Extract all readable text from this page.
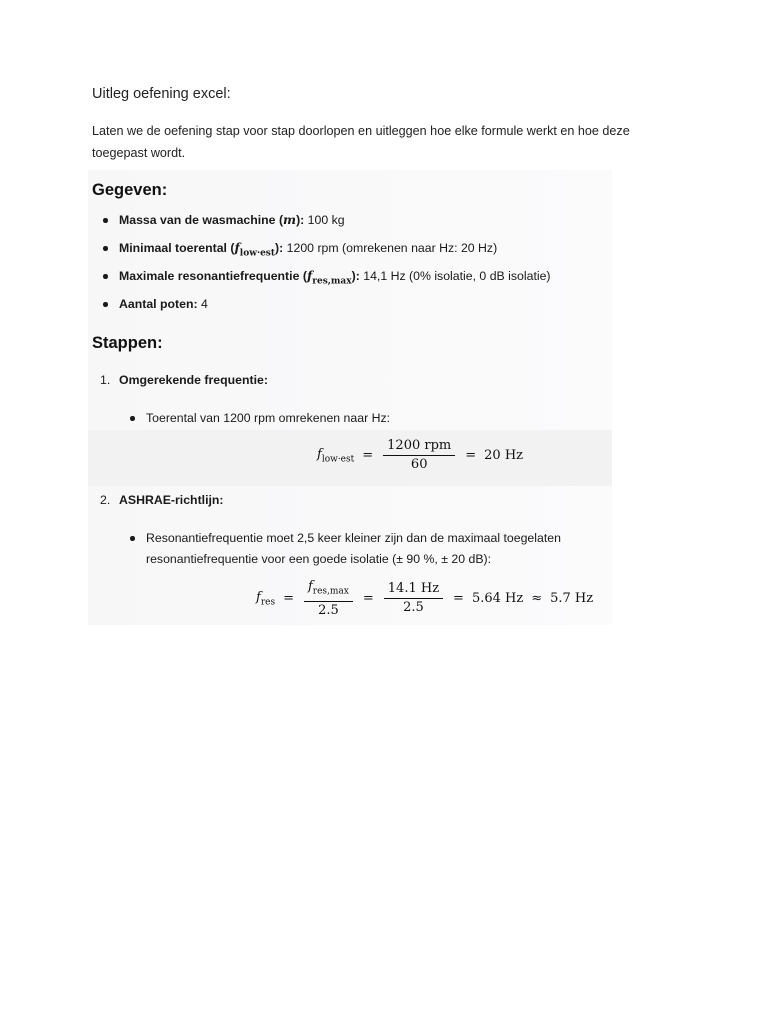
Uitleg oefening excel:

Laten we de oefening stap voor stap doorlopen en uitleggen hoe elke formule werkt en hoe deze toegepast wordt.

Gegeven:
Massa van de wasmachine (m): 100 kg
Minimaal toerental $(f_{low\cdot est})$: 1200 rpm (omrekenen naar Hz: 20 Hz)
Maximale resonantiefrequentie $(f_{res,max})$: 14,1 Hz (0% isolatie, 0 dB isolatie)
Aantal poten: 4
Stappen:
1. Omgerekende frequentie:
Toerental van 1200 rpm omrekenen naar Hz:
$f_{low\cdot est} = \frac{\text{1200 rpm}}{60} = 20$ Hz
2. ASHRAE-richtlijn:
Resonantiefrequentie moet 2,5 keer kleiner zijn dan de maximaal toegelaten resonantiefrequentie voor een goede isolatie (± 90 %, ± 20 dB):
$f_{res} = \frac{f_{res,max}}{2.5} = \frac{14.1 Hz}{2.5} = 5.64$ Hz ≈ 5.7 Hz
